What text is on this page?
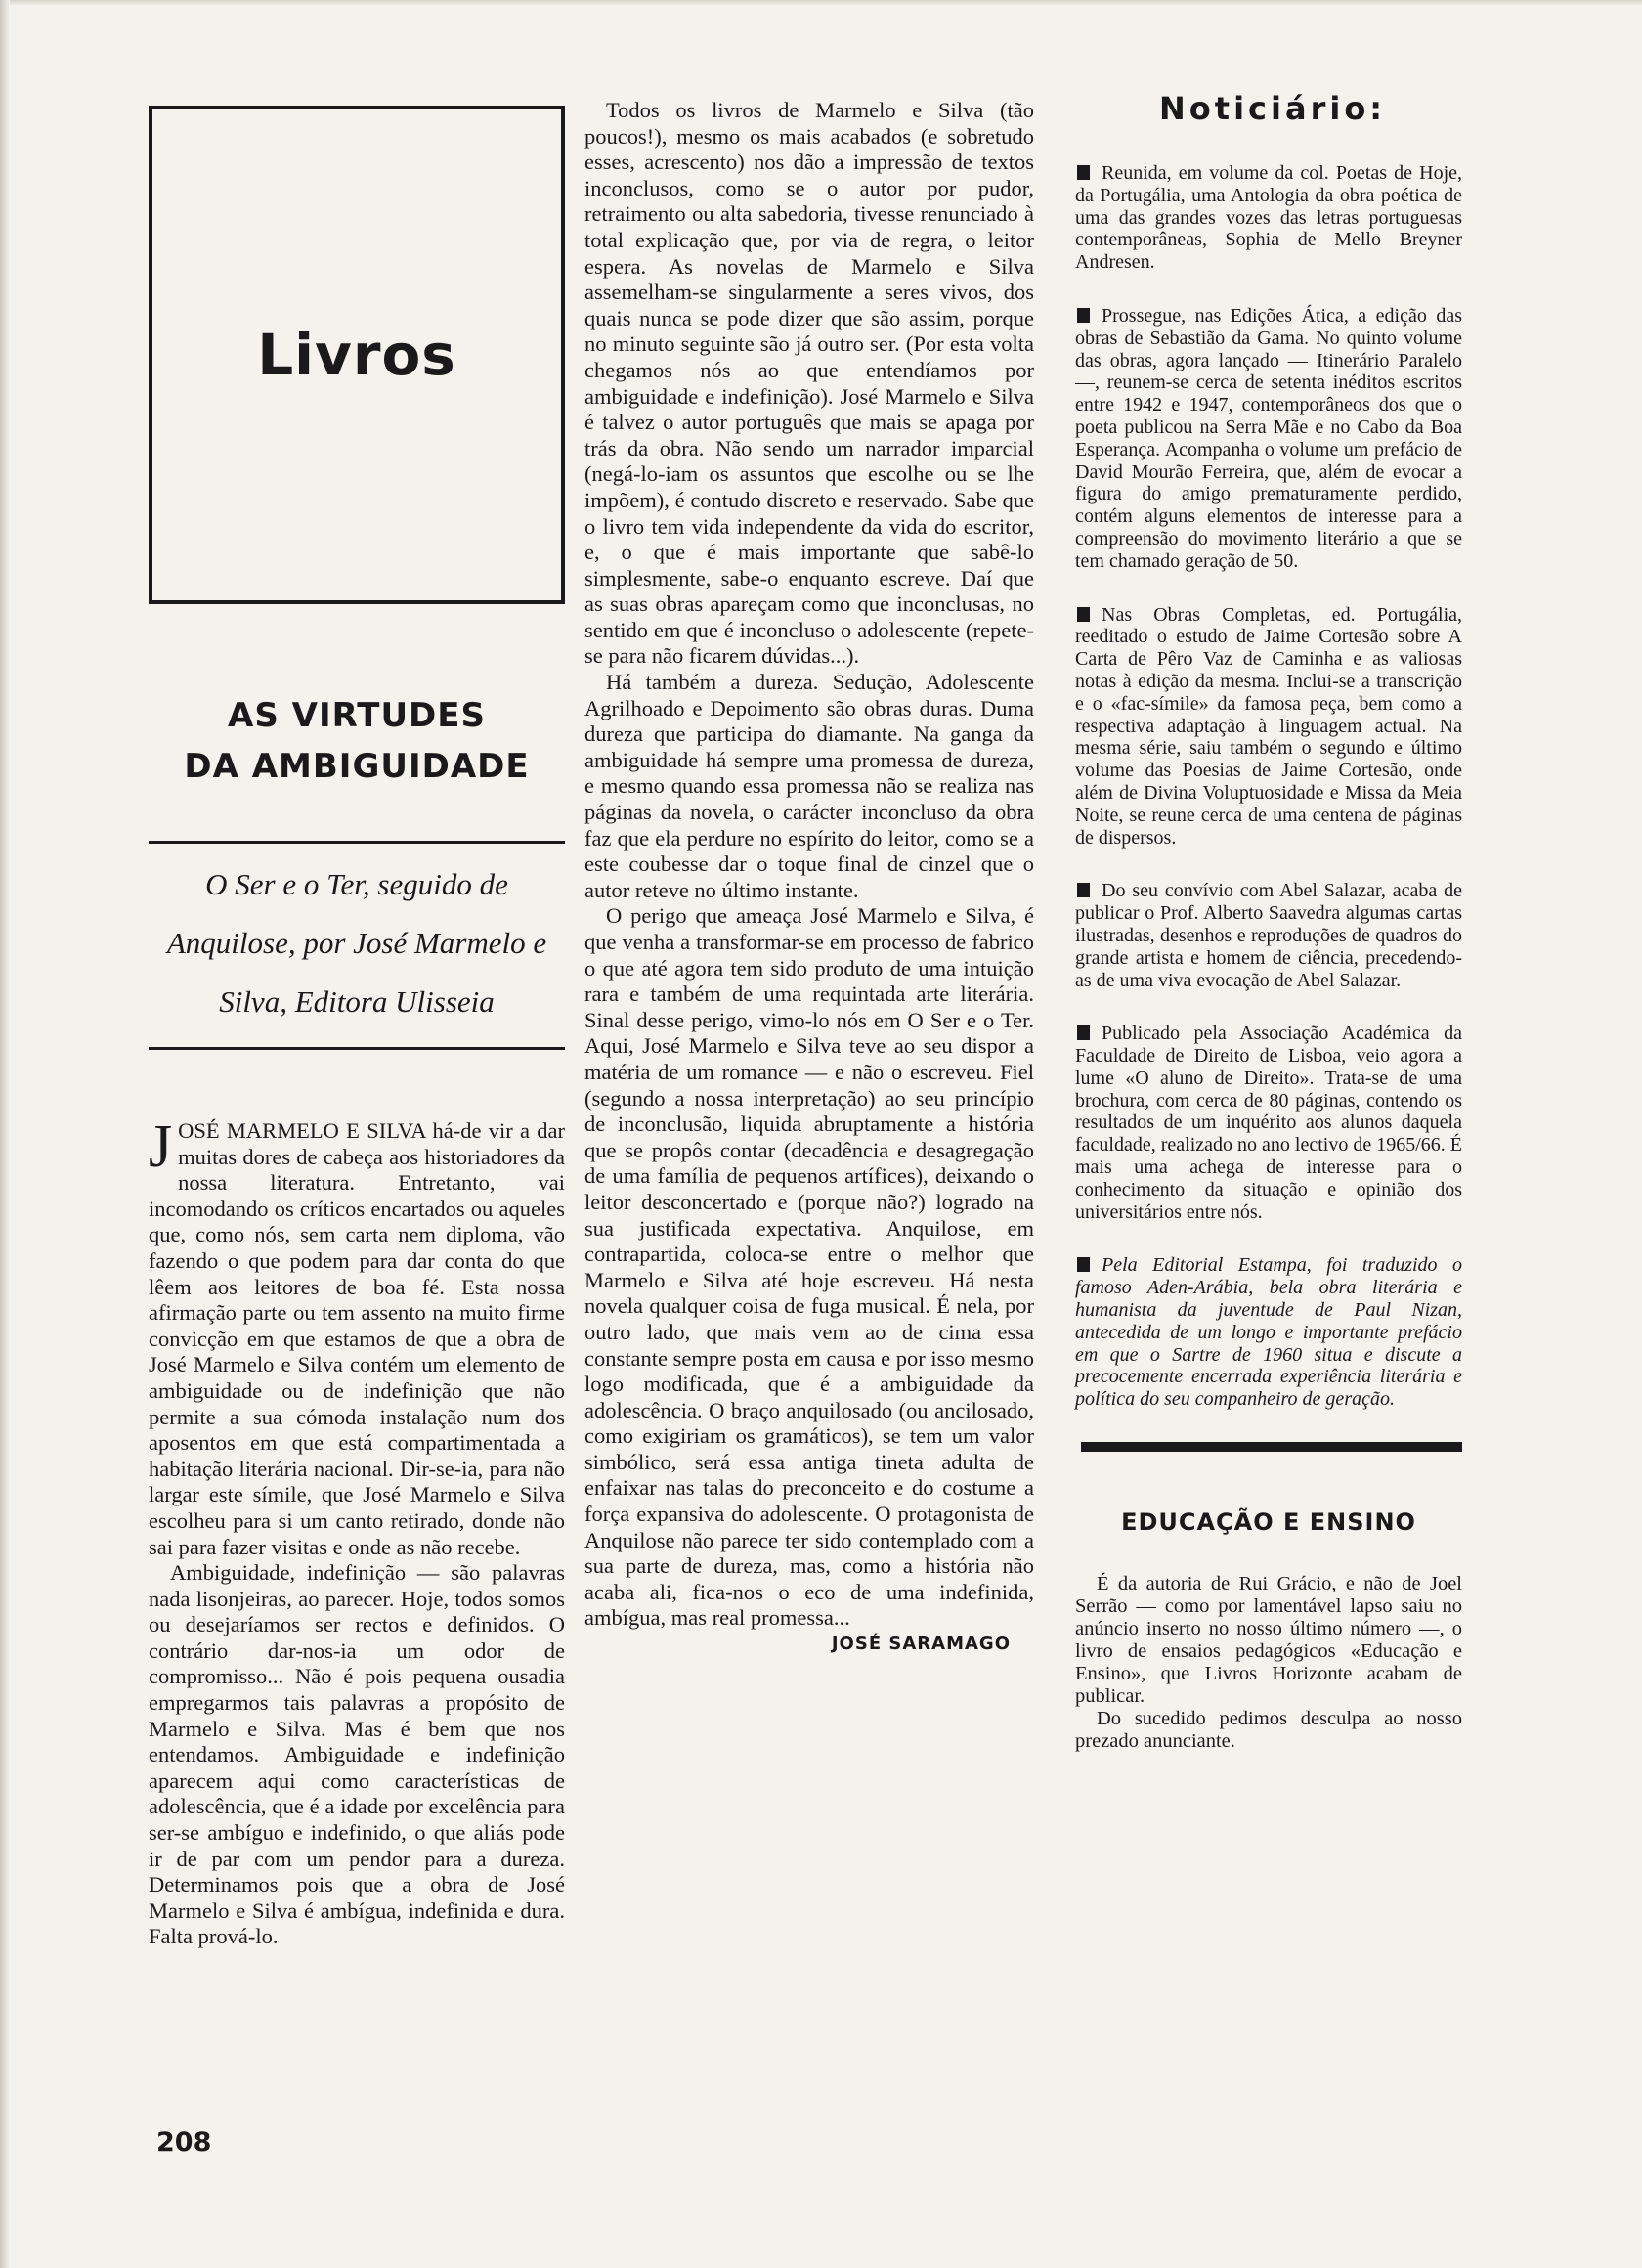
Livros
AS VIRTUDES
DA AMBIGUIDADE
O Ser e o Ter, seguido de Anquilose, por José Marmelo e Silva, Editora Ulisseia

JOSÉ MARMELO E SILVA há-de vir a dar muitas dores de cabeça aos historiadores da nossa literatura. Entretanto, vai incomodando os críticos encartados ou aqueles que, como nós, sem carta nem diploma, vão fazendo o que podem para dar conta do que lêem aos leitores de boa fé. Esta nossa afirmação parte ou tem assento na muito firme convicção em que estamos de que a obra de José Marmelo e Silva contém um elemento de ambiguidade ou de indefinição que não permite a sua cómoda instalação num dos aposentos em que está compartimentada a habitação literária nacional. Dir-se-ia, para não largar este símile, que José Marmelo e Silva escolheu para si um canto retirado, donde não sai para fazer visitas e onde as não recebe.

Ambiguidade, indefinição — são palavras nada lisonjeiras, ao parecer. Hoje, todos somos ou desejaríamos ser rectos e definidos. O contrário dar-nos-ia um odor de compromisso... Não é pois pequena ousadia empregarmos tais palavras a propósito de Marmelo e Silva. Mas é bem que nos entendamos. Ambiguidade e indefinição aparecem aqui como características de adolescência, que é a idade por excelência para ser-se ambíguo e indefinido, o que aliás pode ir de par com um pendor para a dureza. Determinamos pois que a obra de José Marmelo e Silva é ambígua, indefinida e dura. Falta prová-lo.

Todos os livros de Marmelo e Silva (tão poucos!), mesmo os mais acabados (e sobretudo esses, acrescento) nos dão a impressão de textos inconclusos, como se o autor por pudor, retraimento ou alta sabedoria, tivesse renunciado à total explicação que, por via de regra, o leitor espera. As novelas de Marmelo e Silva assemelham-se singularmente a seres vivos, dos quais nunca se pode dizer que são assim, porque no minuto seguinte são já outro ser. (Por esta volta chegamos nós ao que entendíamos por ambiguidade e indefinição). José Marmelo e Silva é talvez o autor português que mais se apaga por trás da obra. Não sendo um narrador imparcial (negá-lo-iam os assuntos que escolhe ou se lhe impõem), é contudo discreto e reservado. Sabe que o livro tem vida independente da vida do escritor, e, o que é mais importante que sabê-lo simplesmente, sabe-o enquanto escreve. Daí que as suas obras apareçam como que inconclusas, no sentido em que é inconcluso o adolescente (repete-se para não ficarem dúvidas...).

Há também a dureza. Sedução, Adolescente Agrilhoado e Depoimento são obras duras. Duma dureza que participa do diamante. Na ganga da ambiguidade há sempre uma promessa de dureza, e mesmo quando essa promessa não se realiza nas páginas da novela, o carácter inconcluso da obra faz que ela perdure no espírito do leitor, como se a este coubesse dar o toque final de cinzel que o autor reteve no último instante.

O perigo que ameaça José Marmelo e Silva, é que venha a transformar-se em processo de fabrico o que até agora tem sido produto de uma intuição rara e também de uma requintada arte literária. Sinal desse perigo, vimo-lo nós em O Ser e o Ter. Aqui, José Marmelo e Silva teve ao seu dispor a matéria de um romance — e não o escreveu. Fiel (segundo a nossa interpretação) ao seu princípio de inconclusão, liquida abruptamente a história que se propôs contar (decadência e desagregação de uma família de pequenos artífices), deixando o leitor desconcertado e (porque não?) logrado na sua justificada expectativa. Anquilose, em contrapartida, coloca-se entre o melhor que Marmelo e Silva até hoje escreveu. Há nesta novela qualquer coisa de fuga musical. É nela, por outro lado, que mais vem ao de cima essa constante sempre posta em causa e por isso mesmo logo modificada, que é a ambiguidade da adolescência. O braço anquilosado (ou ancilosado, como exigiriam os gramáticos), se tem um valor simbólico, será essa antiga tineta adulta de enfaixar nas talas do preconceito e do costume a força expansiva do adolescente. O protagonista de Anquilose não parece ter sido contemplado com a sua parte de dureza, mas, como a história não acaba ali, fica-nos o eco de uma indefinida, ambígua, mas real promessa...

JOSÉ SARAMAGO
Noticiário:
Reunida, em volume da col. Poetas de Hoje, da Portugália, uma Antologia da obra poética de uma das grandes vozes das letras portuguesas contemporâneas, Sophia de Mello Breyner Andresen.
Prossegue, nas Edições Ática, a edição das obras de Sebastião da Gama. No quinto volume das obras, agora lançado — Itinerário Paralelo —, reunem-se cerca de setenta inéditos escritos entre 1942 e 1947, contemporâneos dos que o poeta publicou na Serra Mãe e no Cabo da Boa Esperança. Acompanha o volume um prefácio de David Mourão Ferreira, que, além de evocar a figura do amigo prematuramente perdido, contém alguns elementos de interesse para a compreensão do movimento literário a que se tem chamado geração de 50.
Nas Obras Completas, ed. Portugália, reeditado o estudo de Jaime Cortesão sobre A Carta de Pêro Vaz de Caminha e as valiosas notas à edição da mesma. Inclui-se a transcrição e o «fac-símile» da famosa peça, bem como a respectiva adaptação à linguagem actual. Na mesma série, saiu também o segundo e último volume das Poesias de Jaime Cortesão, onde além de Divina Voluptuosidade e Missa da Meia Noite, se reune cerca de uma centena de páginas de dispersos.
Do seu convívio com Abel Salazar, acaba de publicar o Prof. Alberto Saavedra algumas cartas ilustradas, desenhos e reproduções de quadros do grande artista e homem de ciência, precedendo-as de uma viva evocação de Abel Salazar.
Publicado pela Associação Académica da Faculdade de Direito de Lisboa, veio agora a lume «O aluno de Direito». Trata-se de uma brochura, com cerca de 80 páginas, contendo os resultados de um inquérito aos alunos daquela faculdade, realizado no ano lectivo de 1965/66. É mais uma achega de interesse para o conhecimento da situação e opinião dos universitários entre nós.
Pela Editorial Estampa, foi traduzido o famoso Aden-Arábia, bela obra literária e humanista da juventude de Paul Nizan, antecedida de um longo e importante prefácio em que o Sartre de 1960 situa e discute a precocemente encerrada experiência literária e política do seu companheiro de geração.
EDUCAÇÃO E ENSINO

É da autoria de Rui Grácio, e não de Joel Serrão — como por lamentável lapso saiu no anúncio inserto no nosso último número —, o livro de ensaios pedagógicos «Educação e Ensino», que Livros Horizonte acabam de publicar.

Do sucedido pedimos desculpa ao nosso prezado anunciante.

208
